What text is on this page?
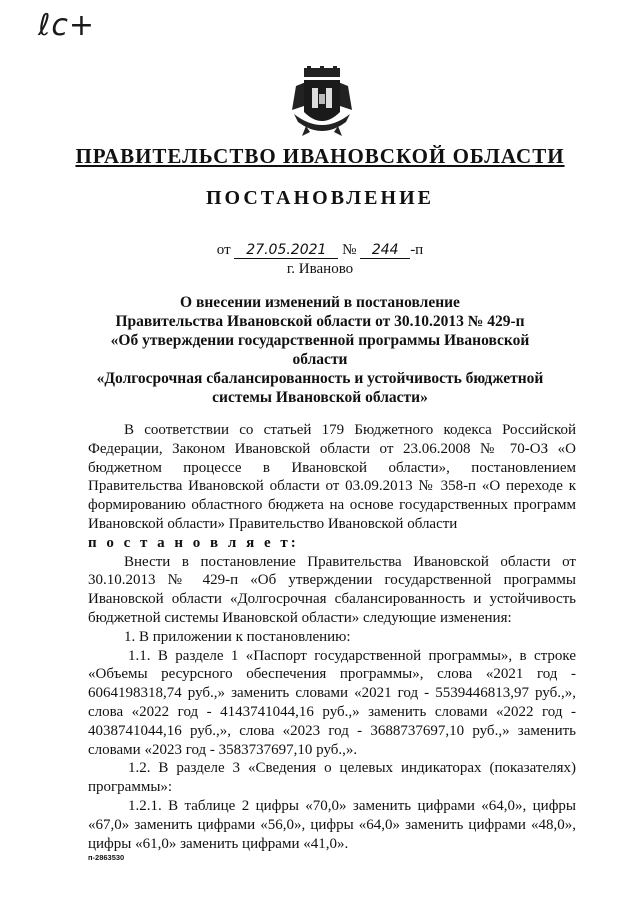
ℓc+
ПРАВИТЕЛЬСТВО ИВАНОВСКОЙ ОБЛАСТИ
ПОСТАНОВЛЕНИЕ
от 27.05.2021 № 244 -п
г. Иваново
О внесении изменений в постановление
Правительства Ивановской области от 30.10.2013 № 429-п
«Об утверждении государственной программы Ивановской области
«Долгосрочная сбалансированность и устойчивость бюджетной
системы Ивановской области»

В соответствии со статьей 179 Бюджетного кодекса Российской Федерации, Законом Ивановской области от 23.06.2008 № 70-ОЗ «О бюджетном процессе в Ивановской области», постановлением Правительства Ивановской области от 03.09.2013 № 358-п «О переходе к формированию областного бюджета на основе государственных программ Ивановской области» Правительство Ивановской области

п о с т а н о в л я е т:

Внести в постановление Правительства Ивановской области от 30.10.2013 № 429-п «Об утверждении государственной программы Ивановской области «Долгосрочная сбалансированность и устойчивость бюджетной системы Ивановской области» следующие изменения:

1. В приложении к постановлению:

1.1. В разделе 1 «Паспорт государственной программы», в строке «Объемы ресурсного обеспечения программы», слова «2021 год - 6064198318,74 руб.,» заменить словами «2021 год - 5539446813,97 руб.,», слова «2022 год - 4143741044,16 руб.,» заменить словами «2022 год - 4038741044,16 руб.,», слова «2023 год - 3688737697,10 руб.,» заменить словами «2023 год - 3583737697,10 руб.,».

1.2. В разделе 3 «Сведения о целевых индикаторах (показателях) программы»:

1.2.1. В таблице 2 цифры «70,0» заменить цифрами «64,0», цифры «67,0» заменить цифрами «56,0», цифры «64,0» заменить цифрами «48,0», цифры «61,0» заменить цифрами «41,0».

п-2863530
